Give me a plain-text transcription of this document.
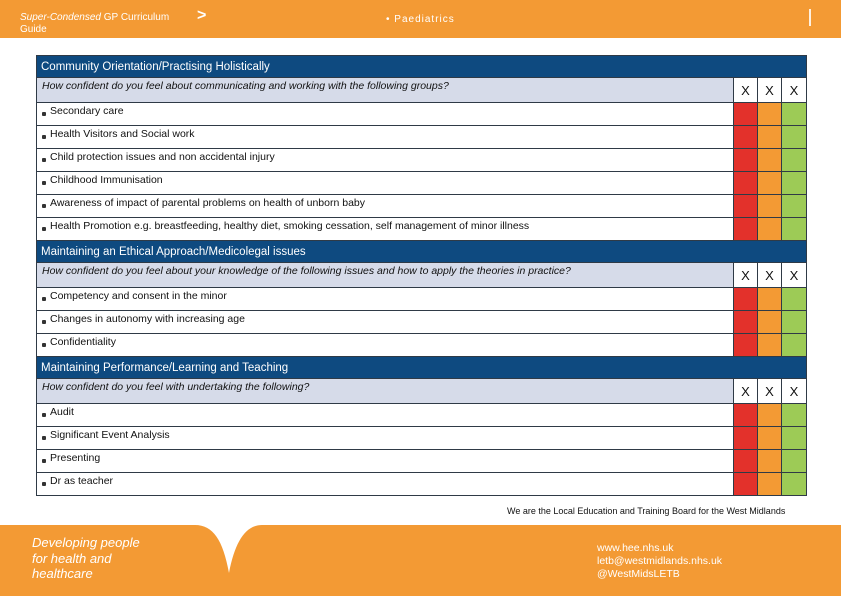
Super-Condensed GP Curriculum Guide
>	• Paediatrics
Community Orientation/Practising Holistically			
How confident do you feel about communicating and working with the following groups?	X	X	X

Secondary care			

Health Visitors and Social work			

Child protection issues and non accidental injury			

Childhood Immunisation			

Awareness of impact of parental problems on health of unborn baby			

Health Promotion e.g. breastfeeding, healthy diet, smoking cessation, self management of minor illness			
Maintaining an Ethical Approach/Medicolegal issues			
How confident do you feel about your knowledge of the following issues and how to apply the theories in practice?	X	X	X

Competency and consent in the minor			

Changes in autonomy with increasing age			

Confidentiality			
Maintaining Performance/Learning and Teaching			
How confident do you feel with undertaking the following?	X	X	X

Audit			

Significant Event Analysis			

Presenting			

Dr as teacher			
We are the Local Education and Training Board for the West Midlands
Developing people
for health and
healthcare
www.hee.nhs.uk
letb@westmidlands.nhs.uk
@WestMidsLETB
